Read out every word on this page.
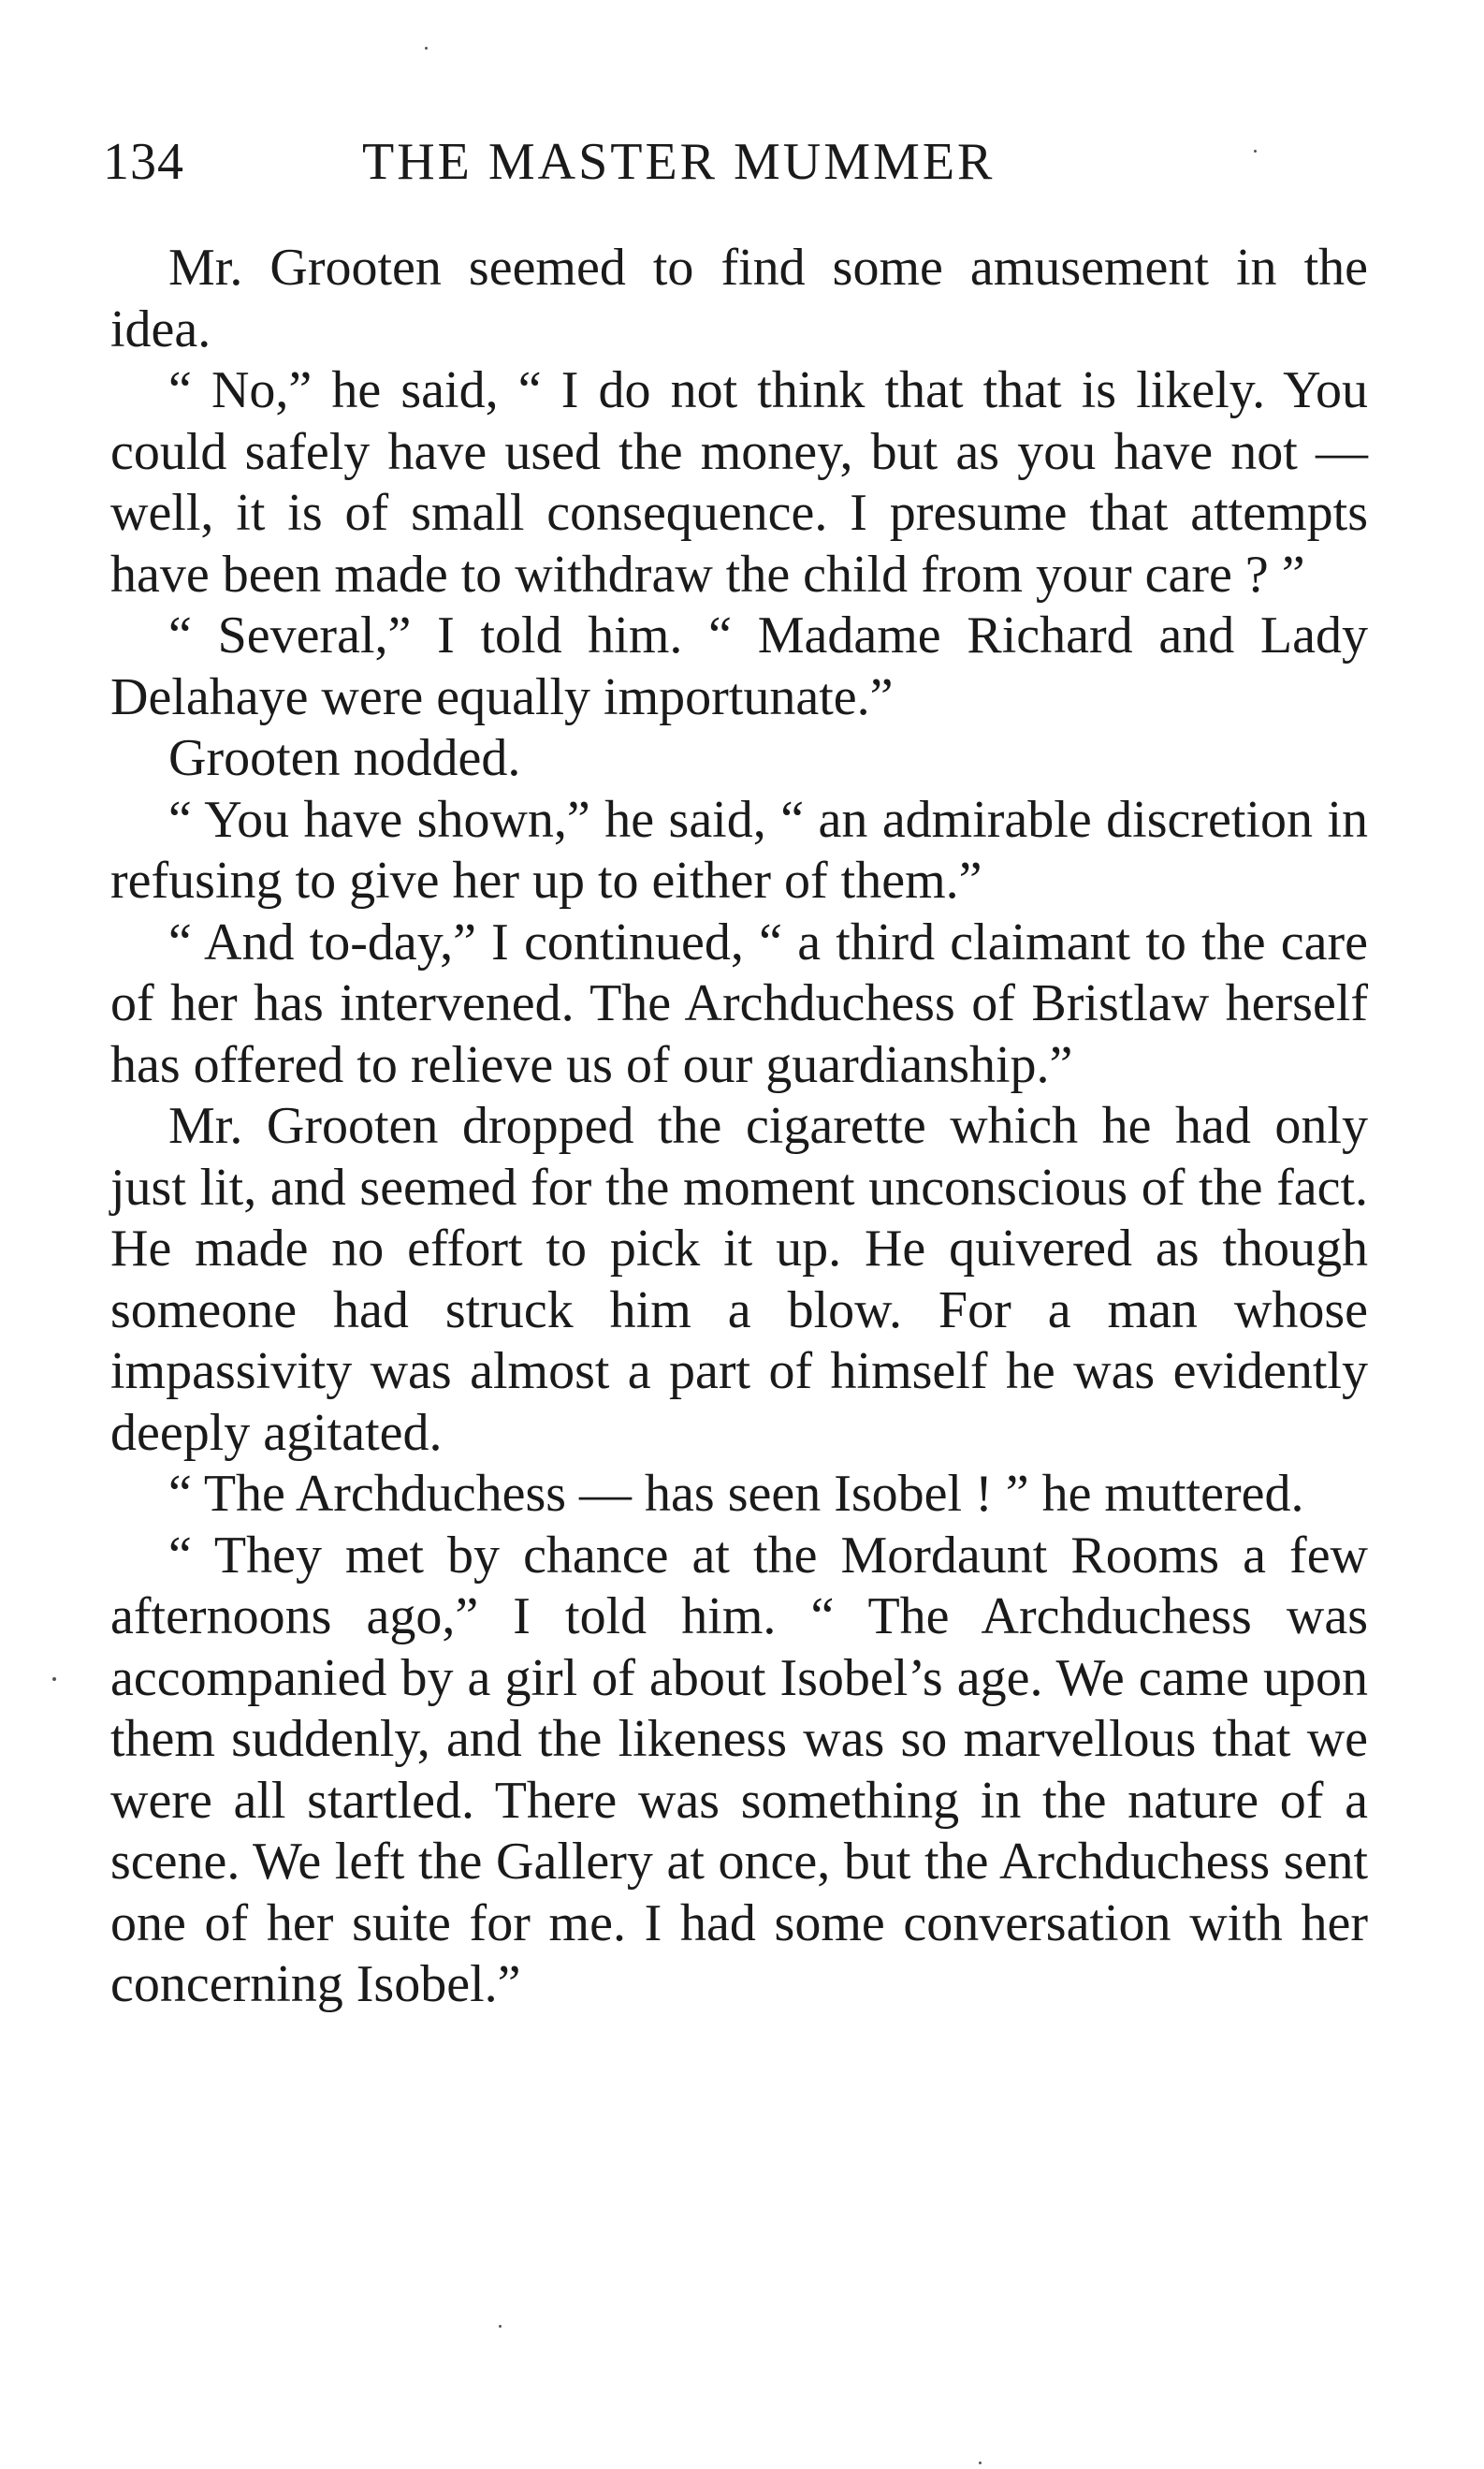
134	THE MASTER MUMMER

Mr. Grooten seemed to find some amusement in the idea.

“ No,” he said, “ I do not think that that is likely. You could safely have used the money, but as you have not — well, it is of small consequence. I presume that attempts have been made to withdraw the child from your care ? ”

“ Several,” I told him. “ Madame Richard and Lady Delahaye were equally importunate.”

Grooten nodded.

“ You have shown,” he said, “ an admirable discretion in refusing to give her up to either of them.”

“ And to-day,” I continued, “ a third claimant to the care of her has intervened. The Archduchess of Bristlaw herself has offered to relieve us of our guardianship.”

Mr. Grooten dropped the cigarette which he had only just lit, and seemed for the moment unconscious of the fact. He made no effort to pick it up. He quivered as though someone had struck him a blow. For a man whose impassivity was almost a part of himself he was evidently deeply agitated.

“ The Archduchess — has seen Isobel ! ” he muttered.

“ They met by chance at the Mordaunt Rooms a few afternoons ago,” I told him. “ The Archduchess was accompanied by a girl of about Isobel’s age. We came upon them suddenly, and the likeness was so marvellous that we were all startled. There was something in the nature of a scene. We left the Gallery at once, but the Archduchess sent one of her suite for me. I had some conversation with her concerning Isobel.”
